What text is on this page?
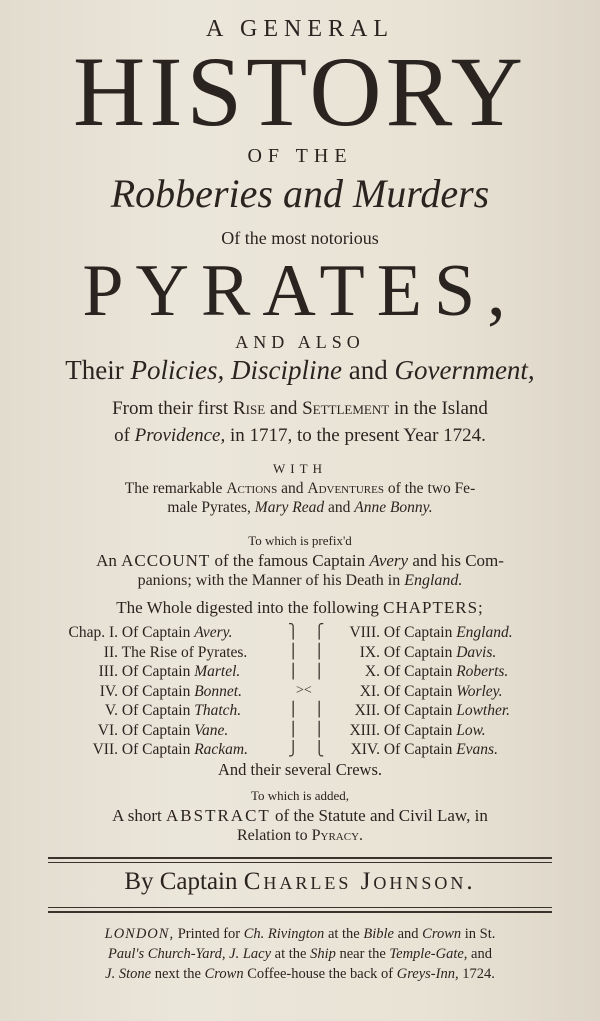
A GENERAL
HISTORY
OF THE
Robberies and Murders
Of the most notorious
PYRATES,
AND ALSO
Their Policies, Discipline and Government,
From their first Rise and Settlement in the Island
of Providence, in 1717, to the present Year 1724.
WITH
The remarkable Actions and Adventures of the two Fe-
male Pyrates, Mary Read and Anne Bonny.
To which is prefix'd
An ACCOUNT of the famous Captain Avery and his Com-
panions; with the Manner of his Death in England.
The Whole digested into the following CHAPTERS;
Chap. I. Of Captain Avery.
II. The Rise of Pyrates.
III. Of Captain Martel.
IV. Of Captain Bonnet.
V. Of Captain Thatch.
VI. Of Captain Vane.
VII. Of Captain Rackam.
VIII. Of Captain England.
IX. Of Captain Davis.
X. Of Captain Roberts.
XI. Of Captain Worley.
XII. Of Captain Lowther.
XIII. Of Captain Low.
XIV. Of Captain Evans.
⎫
⎪
⎪
><
⎪
⎪
⎭
⎧
⎪
⎪
⎪
⎪
⎩
And their several Crews.
To which is added,
A short ABSTRACT of the Statute and Civil Law, in
Relation to Pyracy.
By Captain Charles Johnson.
LONDON, Printed for Ch. Rivington at the Bible and Crown in St.
Paul's Church-Yard, J. Lacy at the Ship near the Temple-Gate, and
J. Stone next the Crown Coffee-house the back of Greys-Inn, 1724.
